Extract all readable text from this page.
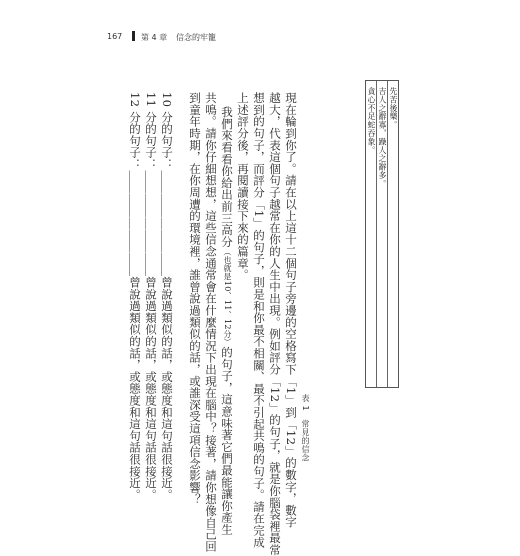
167 第 4 章 信念的牢籠
先苦後樂。
吉人之辭寡，躁人之辭多。
貪心不足蛇吞象。
表 1　常見的信念
現在輪到你了。請在以上這十二個句子旁邊的空格寫下「1」到「12」的數字，數字
越大，代表這個句子越常在你的人生中出現。例如評分「12」的句子，就是你腦袋裡最常
想到的句子，而評分「1」的句子，則是和你最不相關、最不引起共鳴的句子。請在完成
上述評分後，再閱讀接下來的篇章。
我們來看看你給出前三高分（也就是10、11、12分）的句子，這意味著它們最能讓你產生
共鳴。請你仔細想想，這些信念通常會在什麼情況下出現在腦中？接著，請你想像自己回
到童年時期，在你周遭的環境裡，誰曾說過類似的話，或誰深受這項信念影響？
10 分的句子：＿＿＿＿＿＿＿＿＿曾說過類似的話，或態度和這句話很接近。
11 分的句子：＿＿＿＿＿＿＿＿＿曾說過類似的話，或態度和這句話很接近。
12 分的句子：＿＿＿＿＿＿＿＿＿曾說過類似的話，或態度和這句話很接近。
